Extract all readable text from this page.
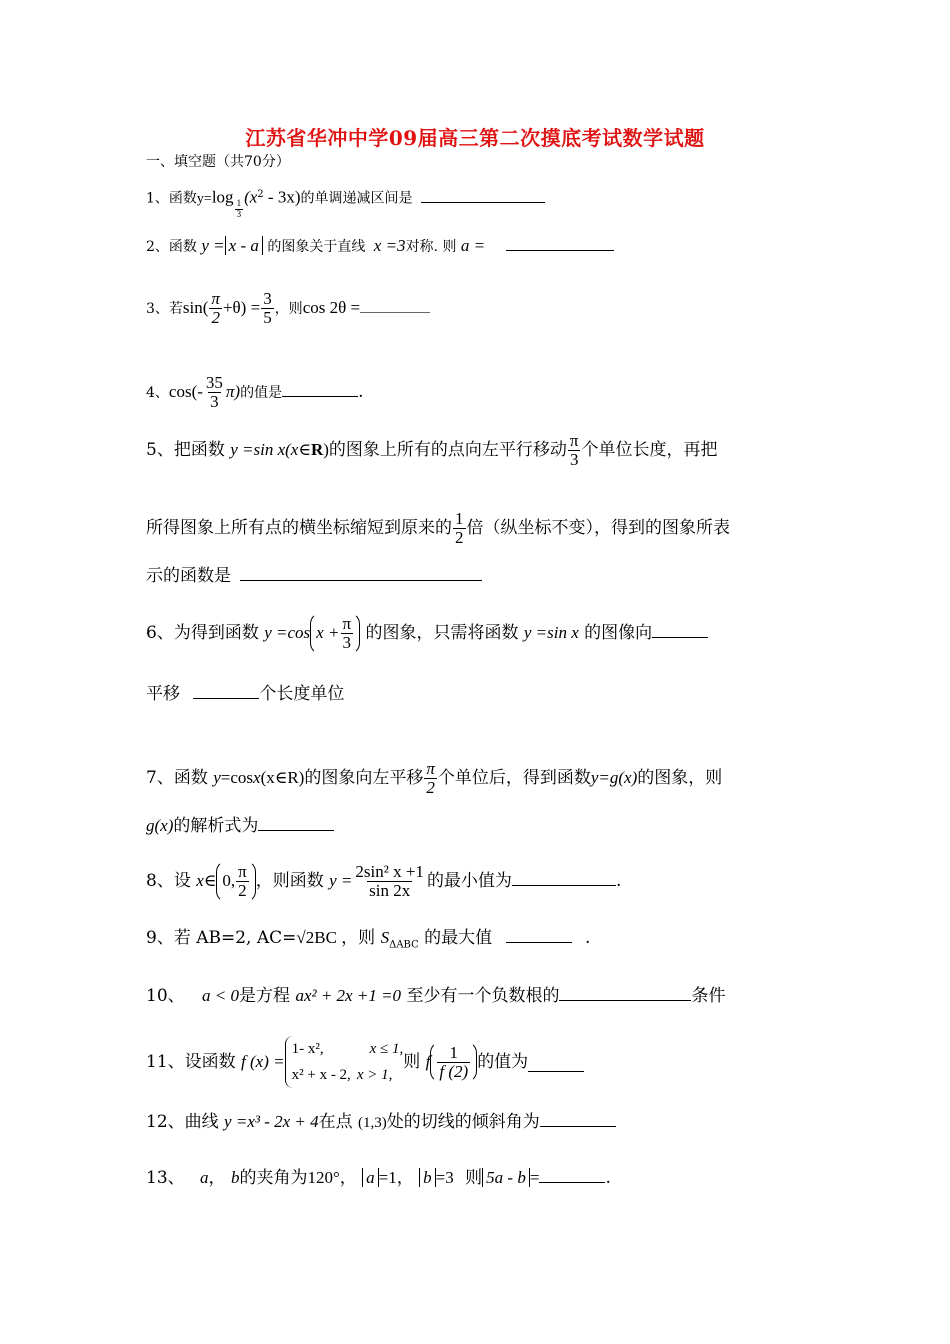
江苏省华冲中学09届高三第二次摸底考试数学试题
一、填空题（共70分）
1、函数y=log
$\frac{1}{3}$
$(x^2 - 3x)$的单调递减区间是
2、函数 y = x - a 的图象关于直线 x =3对称. 则 a =
3、若$\sin( \frac{\pi}{2} +\theta) = \frac{3}{5}$ ，则cos 2θ =
4、$\cos(- \frac{35}{3} \pi)$的值是	.
5、把函数 y =sin x(x∈R)的图象上所有的点向左平行移动 $\frac{\pi}{3}$ 个单位长度，再把
所得图象上所有点的横坐标缩短到原来的 $\frac{1}{2}$ 倍（纵坐标不变），得到的图象所表
示的函数是
6、为得到函数 y =cos $x + \frac{\pi}{3}$ 的图象，只需将函数 y =sin x 的图像向
平移	个长度单位
7、函数 y=cosx(x∈R)的图象向左平移 $\frac{\pi}{2}$ 个单位后，得到函数y=g(x)的图象，则
g(x)的解析式为
8、设 x∈ 0, $\frac{\pi}{2}$ ，则函数 $y = \frac{\text{2sin² x +1}}{\sin 2x}$ 的最小值为	.
9、若 AB=2, AC=√2BC ，则 $S_{\Delta ABC}$ 的最大值	.
10、 a < 0是方程 ax² + 2x +1 =0 至少有一个负数根的	条件
11、设函数 f (x) =
1- x²,	x ≤ 1,
x² + x - 2, x > 1,
则 f $\frac{1}{f (2)}$ 的值为
12、曲线 y =x³ - 2x + 4在点 (1,3)处的切线的倾斜角为
13、 a， b的夹角为120°， a =1， b =3 则 5a - b =	.
